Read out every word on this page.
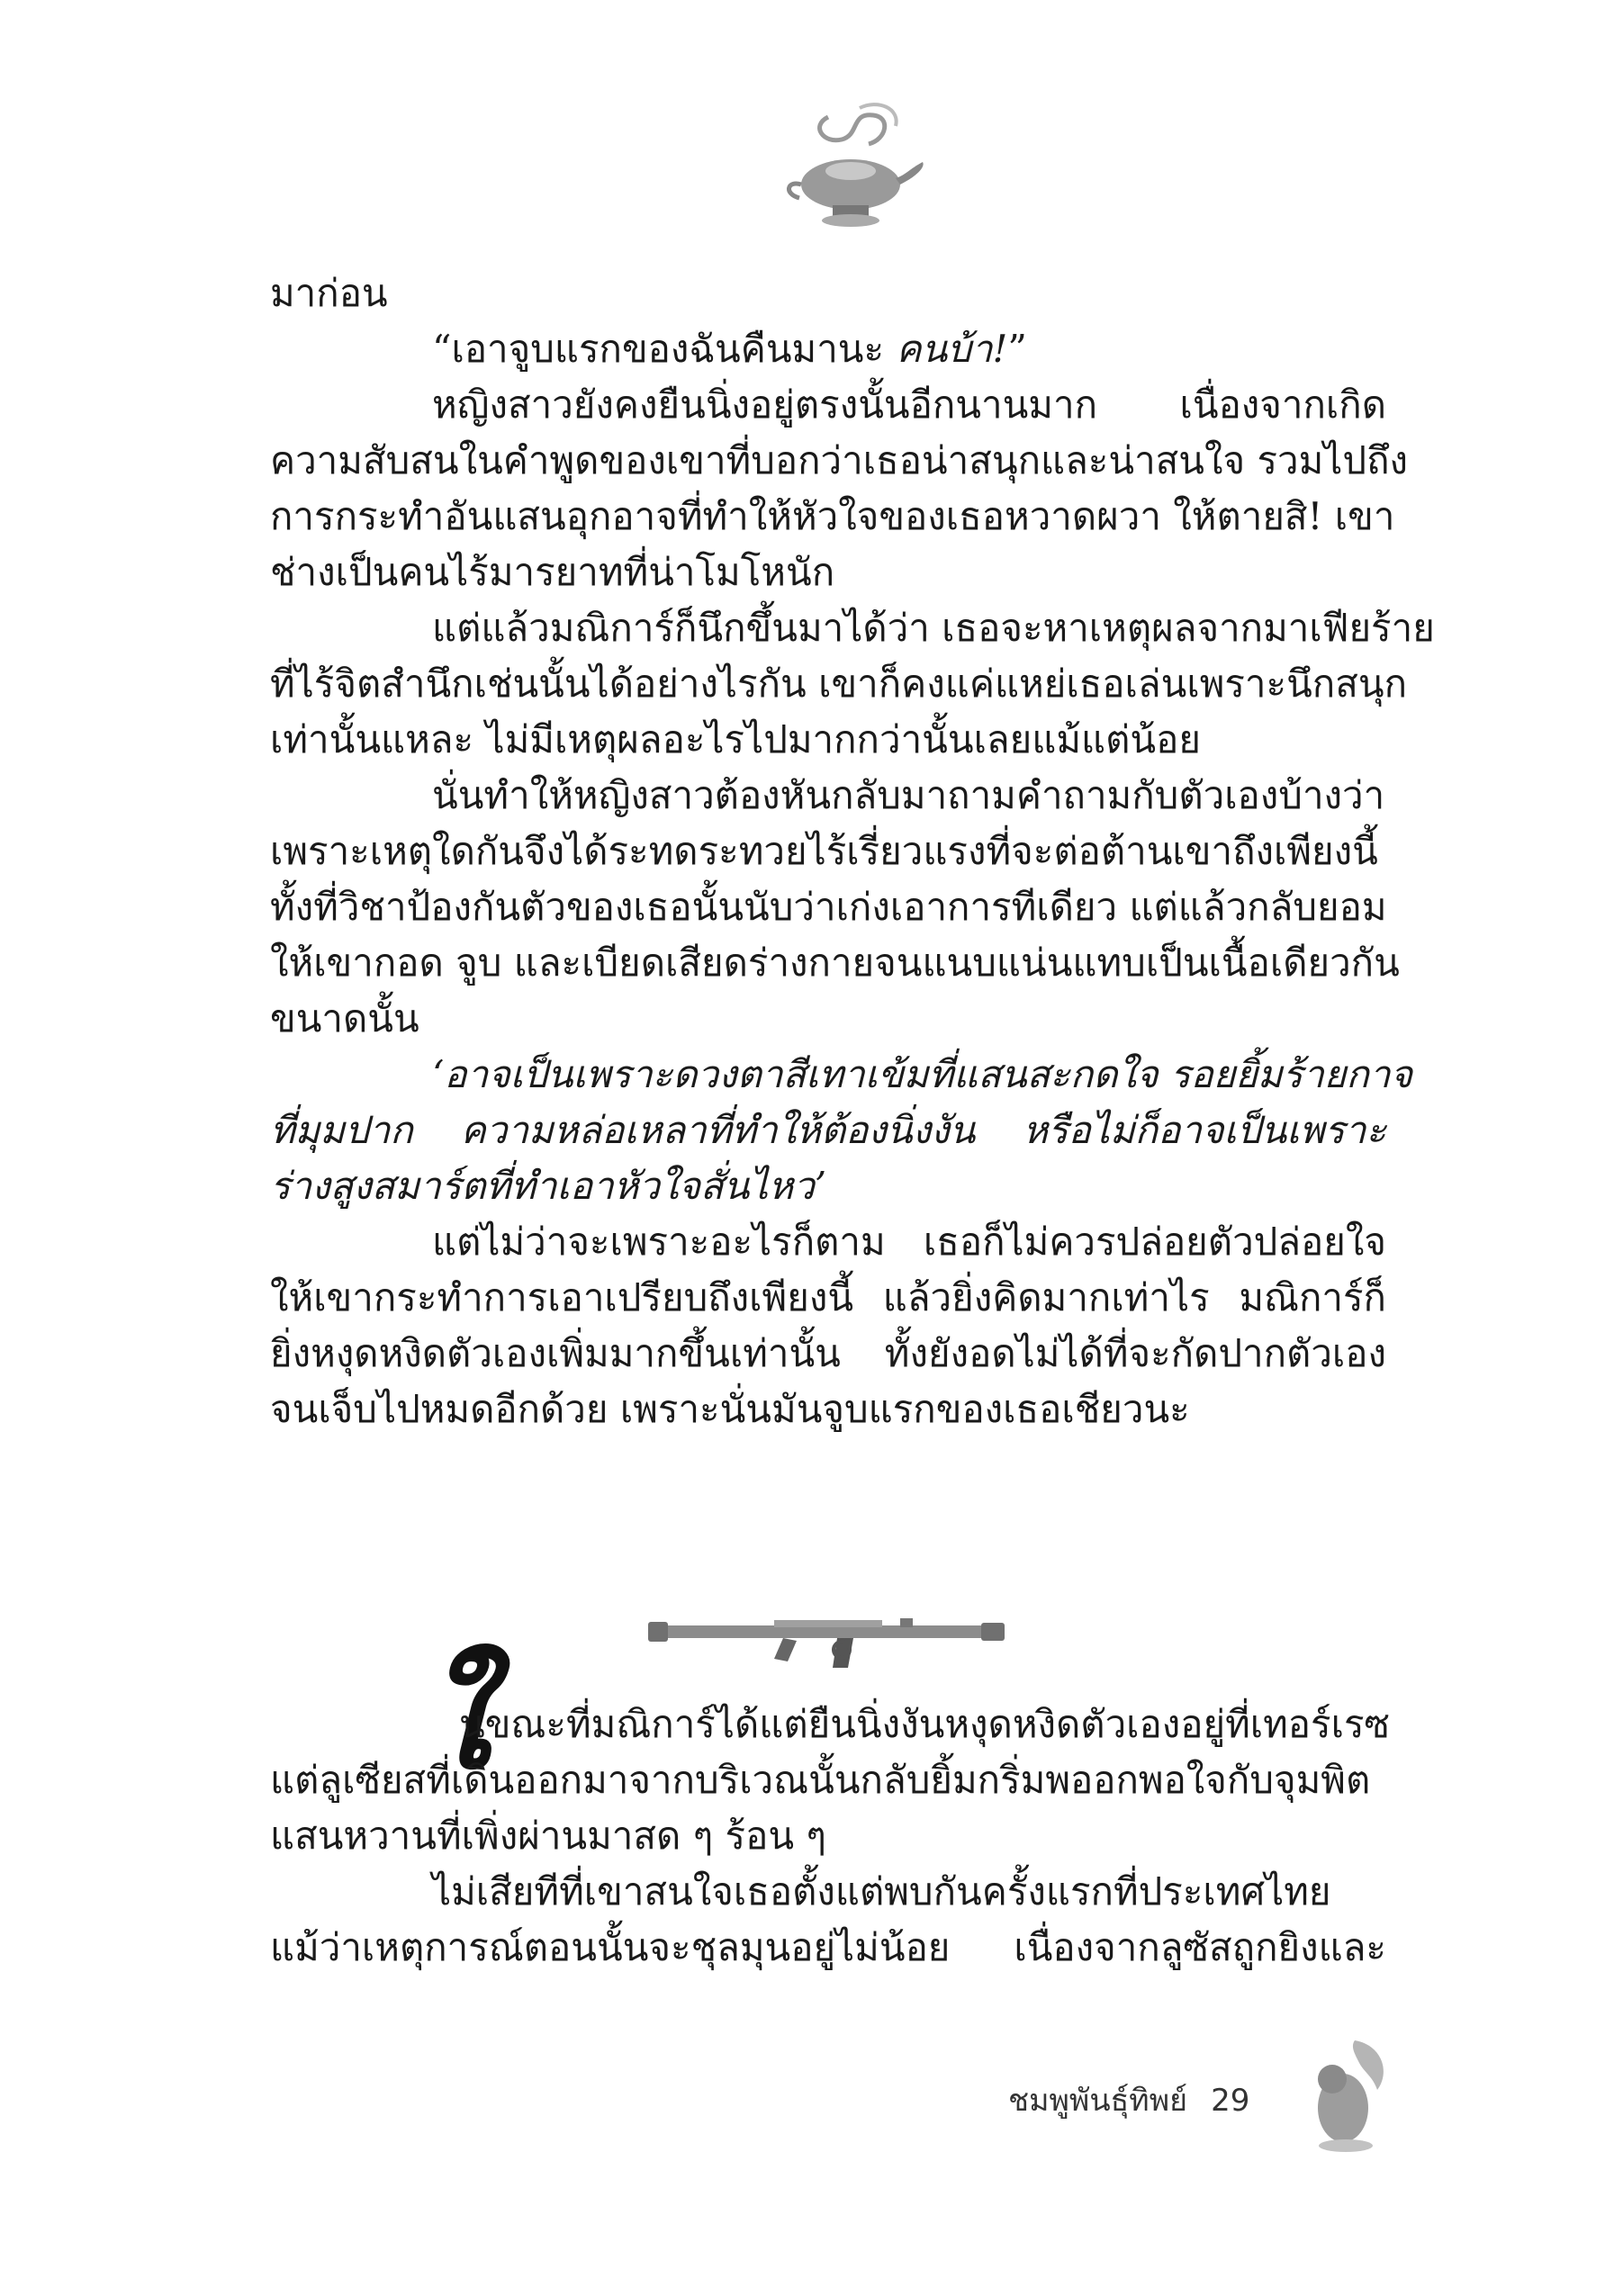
มาก่อน
“เอาจูบแรกของฉันคืนมานะ คนบ้า!”
หญิงสาวยังคงยืนนิ่งอยู่ตรงนั้นอีกนานมาก เนื่องจากเกิด
ความสับสนในคำพูดของเขาที่บอกว่าเธอน่าสนุกและน่าสนใจ รวมไปถึง
การกระทำอันแสนอุกอาจที่ทำให้หัวใจของเธอหวาดผวา ให้ตายสิ! เขา
ช่างเป็นคนไร้มารยาทที่น่าโมโหนัก
แต่แล้วมณิการ์ก็นึกขึ้นมาได้ว่า เธอจะหาเหตุผลจากมาเฟียร้าย
ที่ไร้จิตสำนึกเช่นนั้นได้อย่างไรกัน เขาก็คงแค่แหย่เธอเล่นเพราะนึกสนุก
เท่านั้นแหละ ไม่มีเหตุผลอะไรไปมากกว่านั้นเลยแม้แต่น้อย
นั่นทำให้หญิงสาวต้องหันกลับมาถามคำถามกับตัวเองบ้างว่า
เพราะเหตุใดกันจึงได้ระทดระทวยไร้เรี่ยวแรงที่จะต่อต้านเขาถึงเพียงนี้
ทั้งที่วิชาป้องกันตัวของเธอนั้นนับว่าเก่งเอาการทีเดียว แต่แล้วกลับยอม
ให้เขากอด จูบ และเบียดเสียดร่างกายจนแนบแน่นแทบเป็นเนื้อเดียวกัน
ขนาดนั้น
‘อาจเป็นเพราะดวงตาสีเทาเข้มที่แสนสะกดใจ รอยยิ้มร้ายกาจ
ที่มุมปาก ความหล่อเหลาที่ทำให้ต้องนิ่งงัน หรือไม่ก็อาจเป็นเพราะ
ร่างสูงสมาร์ตที่ทำเอาหัวใจสั่นไหว’
แต่ไม่ว่าจะเพราะอะไรก็ตาม เธอก็ไม่ควรปล่อยตัวปล่อยใจ
ให้เขากระทำการเอาเปรียบถึงเพียงนี้ แล้วยิ่งคิดมากเท่าไร มณิการ์ก็
ยิ่งหงุดหงิดตัวเองเพิ่มมากขึ้นเท่านั้น ทั้งยังอดไม่ได้ที่จะกัดปากตัวเอง
จนเจ็บไปหมดอีกด้วย เพราะนั่นมันจูบแรกของเธอเชียวนะ
ใ
นขณะที่มณิการ์ได้แต่ยืนนิ่งงันหงุดหงิดตัวเองอยู่ที่เทอร์เรซ
แต่ลูเซียสที่เดินออกมาจากบริเวณนั้นกลับยิ้มกริ่มพออกพอใจกับจุมพิต
แสนหวานที่เพิ่งผ่านมาสด ๆ ร้อน ๆ
ไม่เสียทีที่เขาสนใจเธอตั้งแต่พบกันครั้งแรกที่ประเทศไทย
แม้ว่าเหตุการณ์ตอนนั้นจะชุลมุนอยู่ไม่น้อย เนื่องจากลูซัสถูกยิงและ
ชมพูพันธุ์ทิพย์ 29
